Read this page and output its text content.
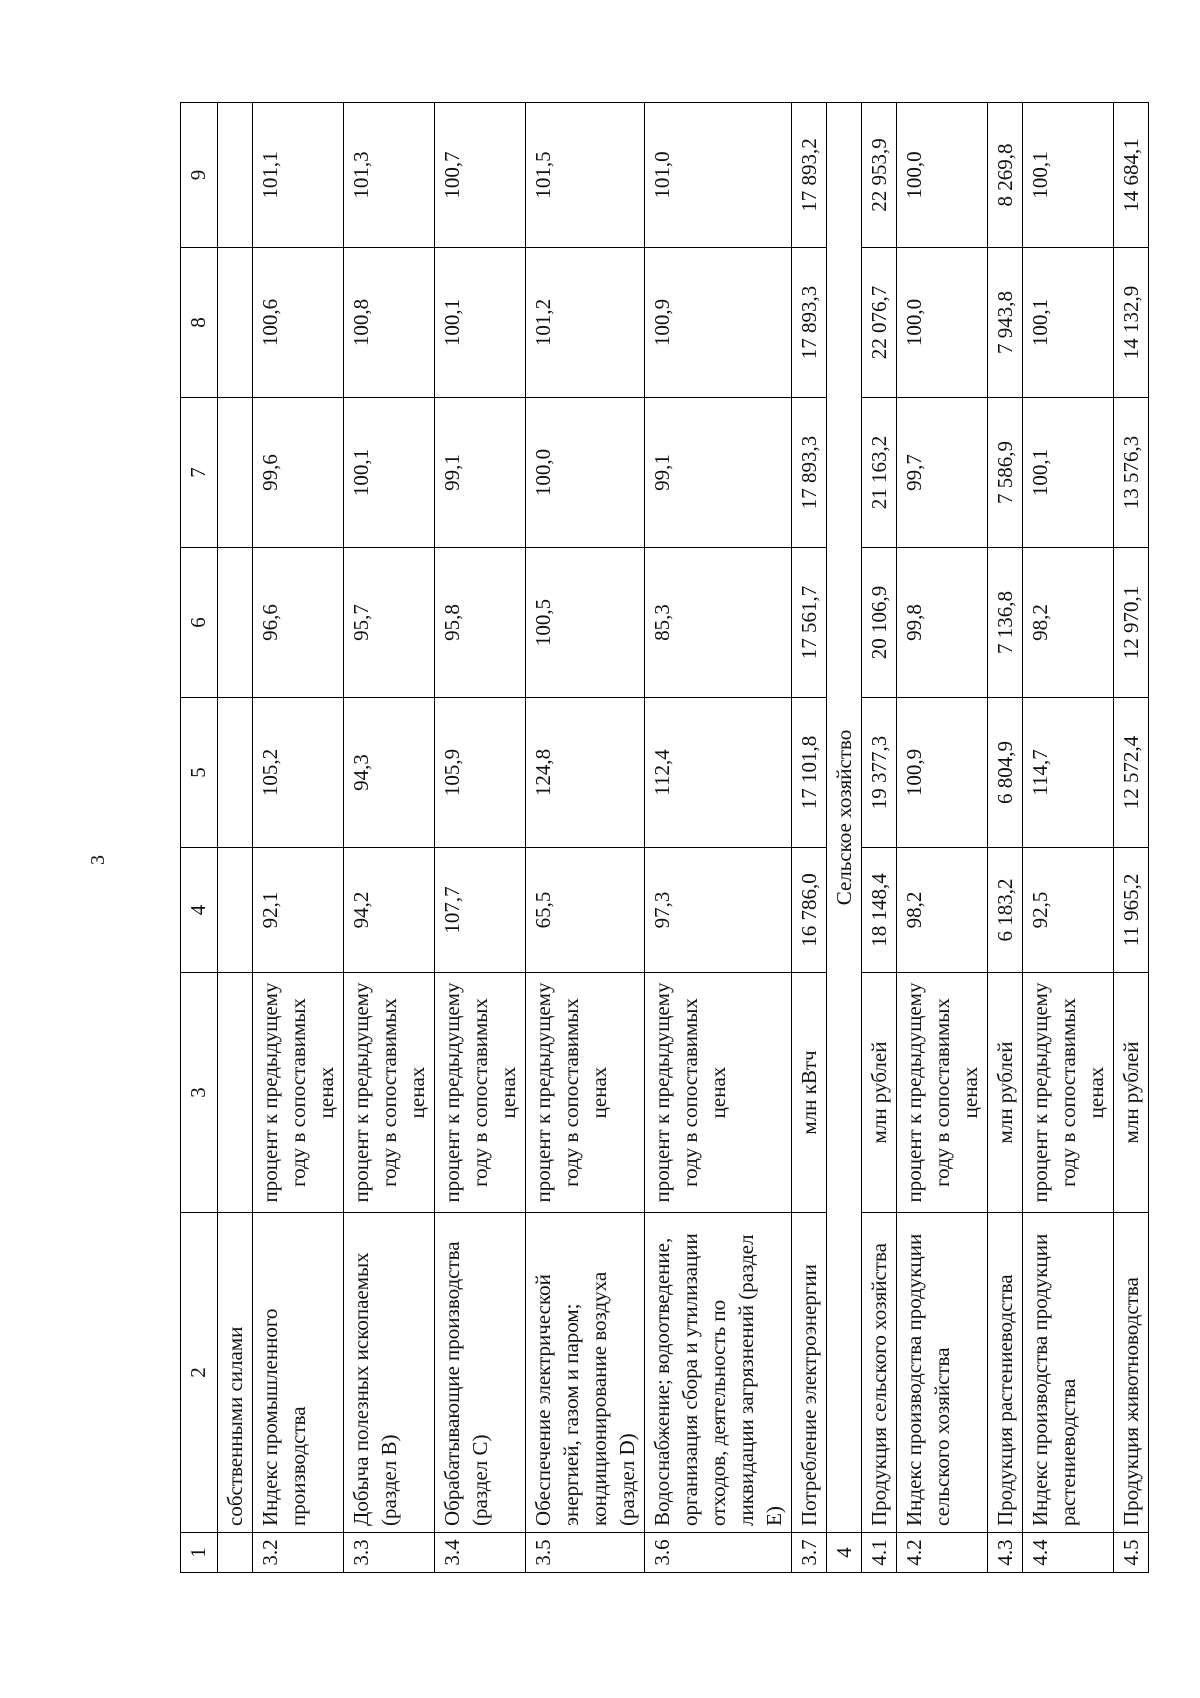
3
1	2	3	4	5	6	7	8	9
	собственными силами							
3.2	Индекс промышленного производства	процент к предыдущему году в сопоставимых ценах	92,1	105,2	96,6	99,6	100,6	101,1
3.3	Добыча полезных ископаемых (раздел B)	процент к предыдущему году в сопоставимых ценах	94,2	94,3	95,7	100,1	100,8	101,3
3.4	Обрабатывающие производства (раздел C)	процент к предыдущему году в сопоставимых ценах	107,7	105,9	95,8	99,1	100,1	100,7
3.5	Обеспечение электрической энергией, газом и паром; кондиционирование воздуха (раздел D)	процент к предыдущему году в сопоставимых ценах	65,5	124,8	100,5	100,0	101,2	101,5
3.6	Водоснабжение; водоотведение, организация сбора и утилизации отходов, деятельность по ликвидации загрязнений (раздел E)	процент к предыдущему году в сопоставимых ценах	97,3	112,4	85,3	99,1	100,9	101,0
3.7	Потребление электроэнергии	млн кВтч	16 786,0	17 101,8	17 561,7	17 893,3	17 893,3	17 893,2
4	Сельское хозяйство							
4.1	Продукция сельского хозяйства	млн рублей	18 148,4	19 377,3	20 106,9	21 163,2	22 076,7	22 953,9
4.2	Индекс производства продукции сельского хозяйства	процент к предыдущему году в сопоставимых ценах	98,2	100,9	99,8	99,7	100,0	100,0
4.3	Продукция растениеводства	млн рублей	6 183,2	6 804,9	7 136,8	7 586,9	7 943,8	8 269,8
4.4	Индекс производства продукции растениеводства	процент к предыдущему году в сопоставимых ценах	92,5	114,7	98,2	100,1	100,1	100,1
4.5	Продукция животноводства	млн рублей	11 965,2	12 572,4	12 970,1	13 576,3	14 132,9	14 684,1
